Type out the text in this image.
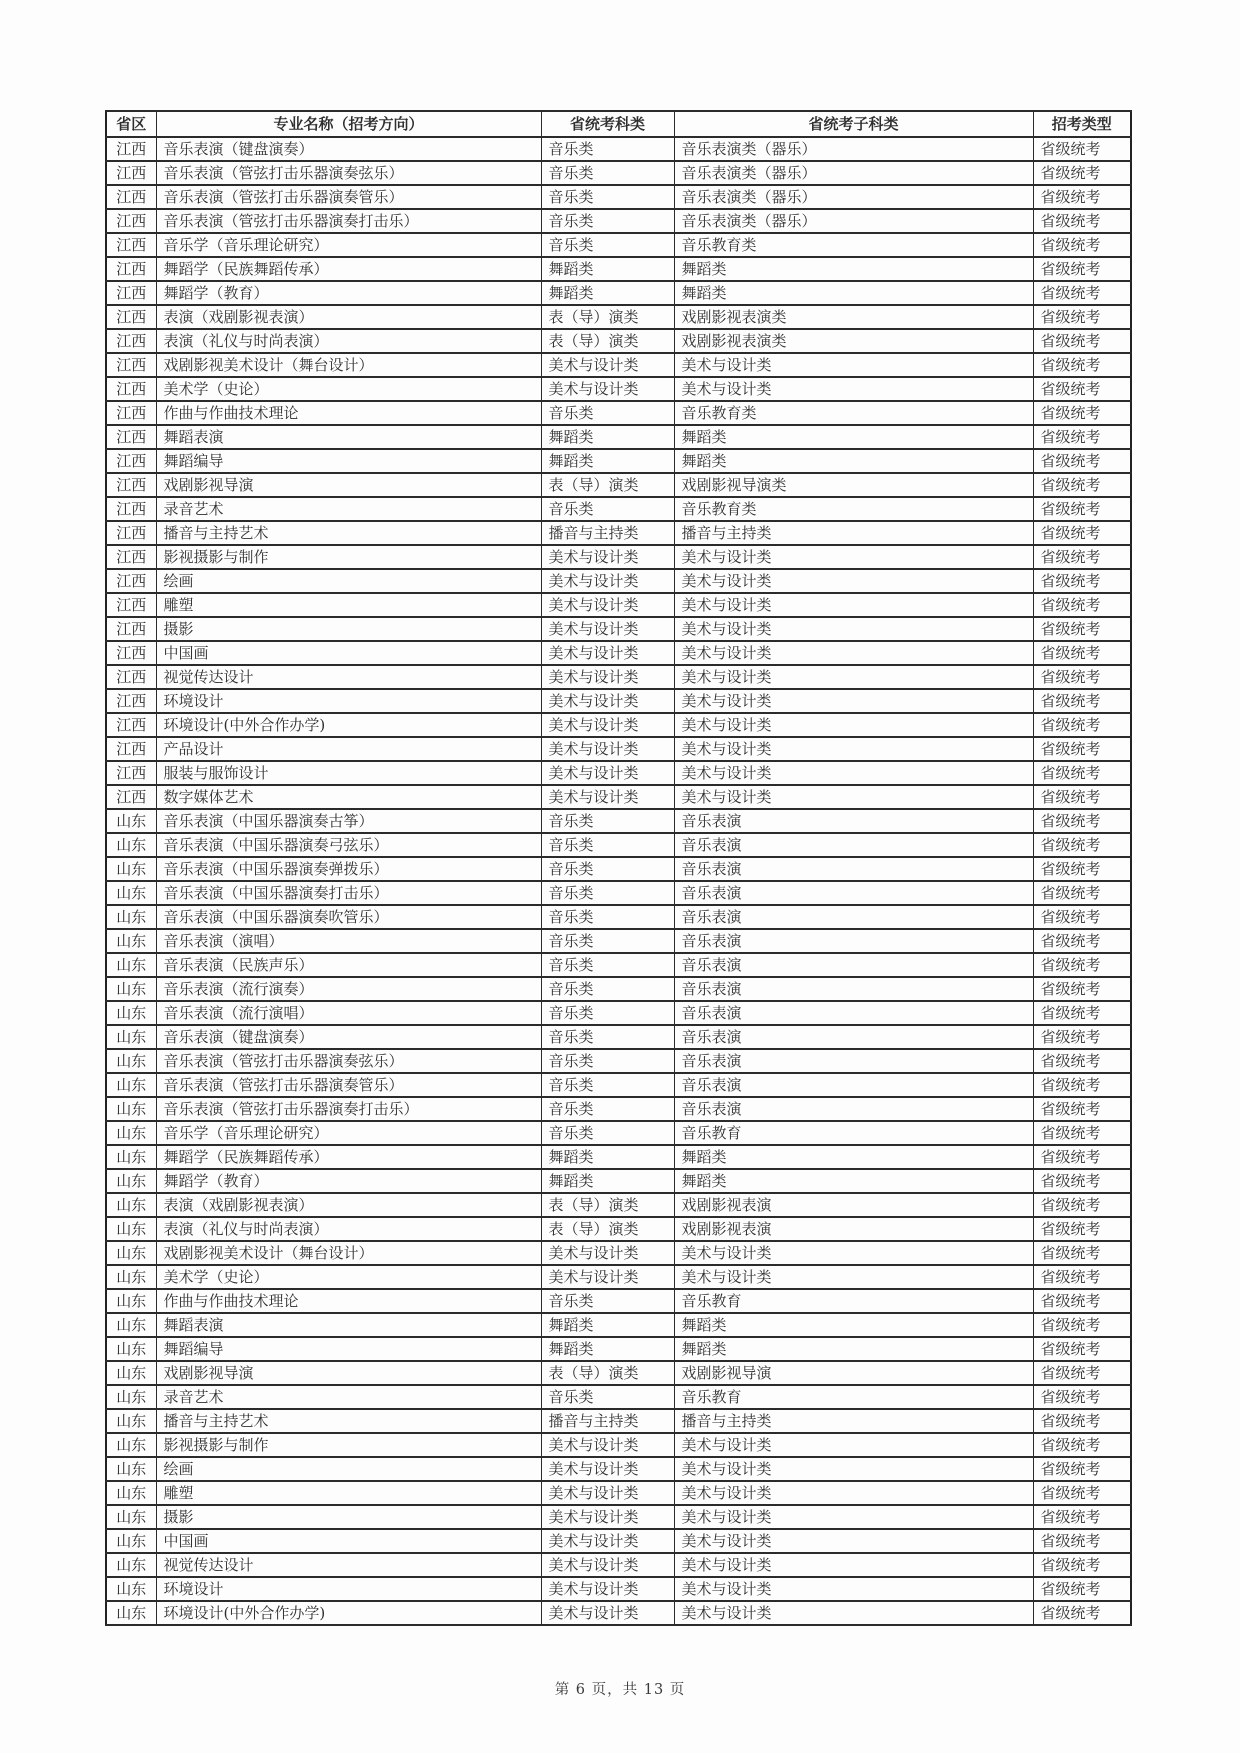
省区	专业名称（招考方向）	省统考科类	省统考子科类	招考类型
江西	音乐表演（键盘演奏）	音乐类	音乐表演类（器乐）	省级统考
江西	音乐表演（管弦打击乐器演奏弦乐）	音乐类	音乐表演类（器乐）	省级统考
江西	音乐表演（管弦打击乐器演奏管乐）	音乐类	音乐表演类（器乐）	省级统考
江西	音乐表演（管弦打击乐器演奏打击乐）	音乐类	音乐表演类（器乐）	省级统考
江西	音乐学（音乐理论研究）	音乐类	音乐教育类	省级统考
江西	舞蹈学（民族舞蹈传承）	舞蹈类	舞蹈类	省级统考
江西	舞蹈学（教育）	舞蹈类	舞蹈类	省级统考
江西	表演（戏剧影视表演）	表（导）演类	戏剧影视表演类	省级统考
江西	表演（礼仪与时尚表演）	表（导）演类	戏剧影视表演类	省级统考
江西	戏剧影视美术设计（舞台设计）	美术与设计类	美术与设计类	省级统考
江西	美术学（史论）	美术与设计类	美术与设计类	省级统考
江西	作曲与作曲技术理论	音乐类	音乐教育类	省级统考
江西	舞蹈表演	舞蹈类	舞蹈类	省级统考
江西	舞蹈编导	舞蹈类	舞蹈类	省级统考
江西	戏剧影视导演	表（导）演类	戏剧影视导演类	省级统考
江西	录音艺术	音乐类	音乐教育类	省级统考
江西	播音与主持艺术	播音与主持类	播音与主持类	省级统考
江西	影视摄影与制作	美术与设计类	美术与设计类	省级统考
江西	绘画	美术与设计类	美术与设计类	省级统考
江西	雕塑	美术与设计类	美术与设计类	省级统考
江西	摄影	美术与设计类	美术与设计类	省级统考
江西	中国画	美术与设计类	美术与设计类	省级统考
江西	视觉传达设计	美术与设计类	美术与设计类	省级统考
江西	环境设计	美术与设计类	美术与设计类	省级统考
江西	环境设计(中外合作办学)	美术与设计类	美术与设计类	省级统考
江西	产品设计	美术与设计类	美术与设计类	省级统考
江西	服装与服饰设计	美术与设计类	美术与设计类	省级统考
江西	数字媒体艺术	美术与设计类	美术与设计类	省级统考
山东	音乐表演（中国乐器演奏古筝）	音乐类	音乐表演	省级统考
山东	音乐表演（中国乐器演奏弓弦乐）	音乐类	音乐表演	省级统考
山东	音乐表演（中国乐器演奏弹拨乐）	音乐类	音乐表演	省级统考
山东	音乐表演（中国乐器演奏打击乐）	音乐类	音乐表演	省级统考
山东	音乐表演（中国乐器演奏吹管乐）	音乐类	音乐表演	省级统考
山东	音乐表演（演唱）	音乐类	音乐表演	省级统考
山东	音乐表演（民族声乐）	音乐类	音乐表演	省级统考
山东	音乐表演（流行演奏）	音乐类	音乐表演	省级统考
山东	音乐表演（流行演唱）	音乐类	音乐表演	省级统考
山东	音乐表演（键盘演奏）	音乐类	音乐表演	省级统考
山东	音乐表演（管弦打击乐器演奏弦乐）	音乐类	音乐表演	省级统考
山东	音乐表演（管弦打击乐器演奏管乐）	音乐类	音乐表演	省级统考
山东	音乐表演（管弦打击乐器演奏打击乐）	音乐类	音乐表演	省级统考
山东	音乐学（音乐理论研究）	音乐类	音乐教育	省级统考
山东	舞蹈学（民族舞蹈传承）	舞蹈类	舞蹈类	省级统考
山东	舞蹈学（教育）	舞蹈类	舞蹈类	省级统考
山东	表演（戏剧影视表演）	表（导）演类	戏剧影视表演	省级统考
山东	表演（礼仪与时尚表演）	表（导）演类	戏剧影视表演	省级统考
山东	戏剧影视美术设计（舞台设计）	美术与设计类	美术与设计类	省级统考
山东	美术学（史论）	美术与设计类	美术与设计类	省级统考
山东	作曲与作曲技术理论	音乐类	音乐教育	省级统考
山东	舞蹈表演	舞蹈类	舞蹈类	省级统考
山东	舞蹈编导	舞蹈类	舞蹈类	省级统考
山东	戏剧影视导演	表（导）演类	戏剧影视导演	省级统考
山东	录音艺术	音乐类	音乐教育	省级统考
山东	播音与主持艺术	播音与主持类	播音与主持类	省级统考
山东	影视摄影与制作	美术与设计类	美术与设计类	省级统考
山东	绘画	美术与设计类	美术与设计类	省级统考
山东	雕塑	美术与设计类	美术与设计类	省级统考
山东	摄影	美术与设计类	美术与设计类	省级统考
山东	中国画	美术与设计类	美术与设计类	省级统考
山东	视觉传达设计	美术与设计类	美术与设计类	省级统考
山东	环境设计	美术与设计类	美术与设计类	省级统考
山东	环境设计(中外合作办学)	美术与设计类	美术与设计类	省级统考
第 6 页，共 13 页
